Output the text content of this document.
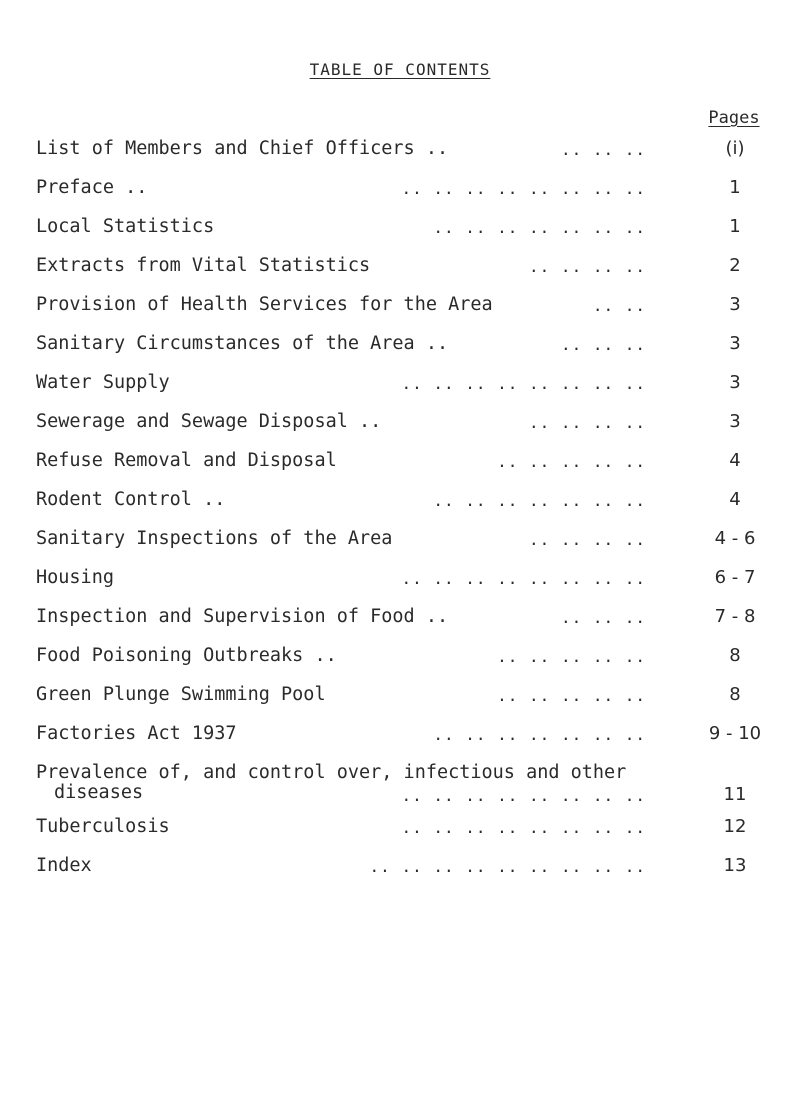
TABLE OF CONTENTS
Pages
List of Members and Chief Officers ..	.. .. ..	(i)
Preface ..	.. .. .. .. .. .. .. ..	1
Local Statistics	.. .. .. .. .. .. ..	1
Extracts from Vital Statistics	.. .. .. ..	2
Provision of Health Services for the Area	.. ..	3
Sanitary Circumstances of the Area ..	.. .. ..	3
Water Supply	.. .. .. .. .. .. .. ..	3
Sewerage and Sewage Disposal ..	.. .. .. ..	3
Refuse Removal and Disposal	.. .. .. .. ..	4
Rodent Control ..	.. .. .. .. .. .. ..	4
Sanitary Inspections of the Area	.. .. .. ..	4 - 6
Housing	.. .. .. .. .. .. .. ..	6 - 7
Inspection and Supervision of Food ..	.. .. ..	7 - 8
Food Poisoning Outbreaks ..	.. .. .. .. ..	8
Green Plunge Swimming Pool	.. .. .. .. ..	8
Factories Act 1937	.. .. .. .. .. .. ..	9 - 10
Prevalence of, and control over, infectious and other
diseases	.. .. .. .. .. .. .. ..	11
Tuberculosis	.. .. .. .. .. .. .. ..	12
Index	.. .. .. .. .. .. .. .. ..	13
